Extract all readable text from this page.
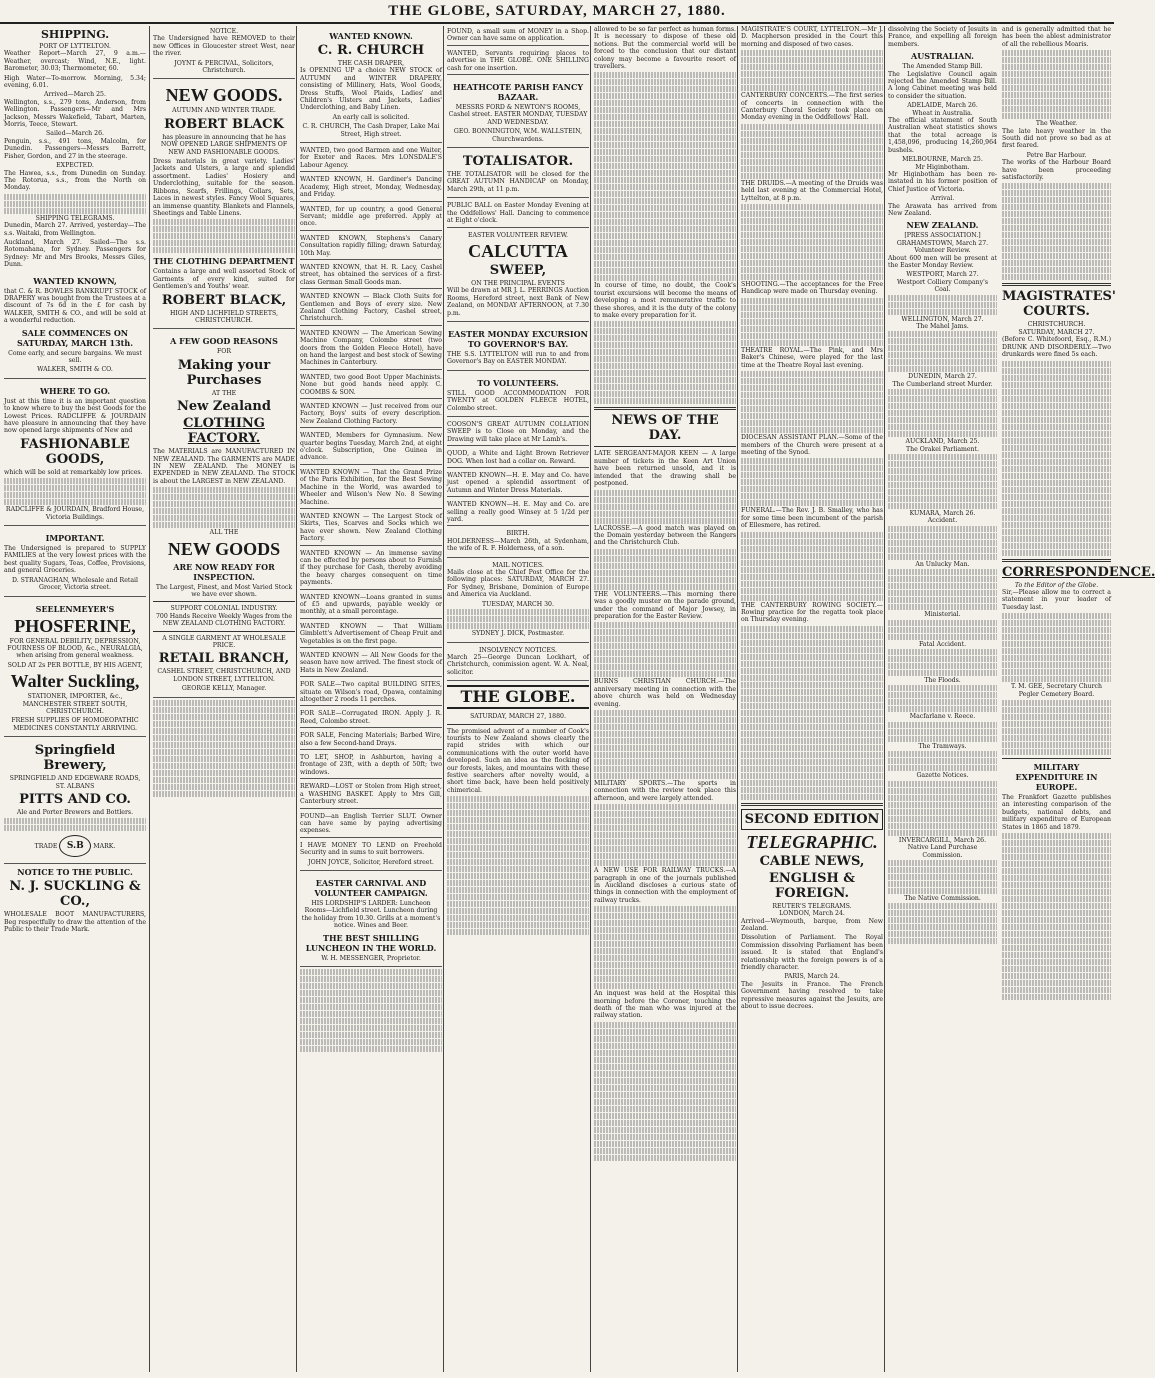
THE GLOBE, SATURDAY, MARCH 27, 1880.
SHIPPING.
PORT OF LYTTELTON.

Weather Report—March 27, 9 a.m.—Weather, overcast; Wind, N.E., light. Barometer, 30.03; Thermometer, 60.

High Water—To-morrow. Morning, 5.34; evening, 6.01.

Arrived—March 25.

Wellington, s.s., 279 tons, Anderson, from Wellington. Passengers—Mr and Mrs Jackson, Messrs Wakefield, Tabart, Marten, Morris, Teece, Stewart.

Sailed—March 26.

Penguin, s.s., 491 tons, Malcolm, for Dunedin. Passengers—Messrs Barrett, Fisher, Gordon, and 27 in the steerage.

EXPECTED.

The Hawea, s.s., from Dunedin on Sunday. The Rotorua, s.s., from the North on Monday.

SHIPPING TELEGRAMS.

Dunedin, March 27. Arrived, yesterday—The s.s. Waitaki, from Wellington.

Auckland, March 27. Sailed—The s.s. Rotomahana, for Sydney. Passengers for Sydney: Mr and Mrs Brooks, Messrs Giles, Dunn.

WANTED KNOWN,

that C. & R. BOWLES BANKRUPT STOCK of DRAPERY was bought from the Trustees at a discount of 7s 6d in the £ for cash by WALKER, SMITH & CO., and will be sold at a wonderful reduction.

SALE COMMENCES ON SATURDAY, MARCH 13th.

Come early, and secure bargains. We must sell.

WALKER, SMITH & CO.

WHERE TO GO.

Just at this time it is an important question to know where to buy the best Goods for the Lowest Prices. RADCLIFFE & JOURDAIN have pleasure in announcing that they have now opened large shipments of New and

FASHIONABLE GOODS,

which will be sold at remarkably low prices.

RADCLIFFE & JOURDAIN, Bradford House, Victoria Buildings.

IMPORTANT.

The Undersigned is prepared to SUPPLY FAMILIES at the very lowest prices with the best quality Sugars, Teas, Coffee, Provisions, and general Groceries.

D. STRANAGHAN, Wholesale and Retail Grocer, Victoria street.

SEELENMEYER'S
PHOSFERINE,

FOR GENERAL DEBILITY, DEPRESSION, FOURNESS OF BLOOD, &c., NEURALGIA, when arising from general weakness.

SOLD AT 2s PER BOTTLE, BY HIS AGENT,

Walter Suckling,

STATIONER, IMPORTER, &c., MANCHESTER STREET SOUTH, CHRISTCHURCH.

FRESH SUPPLIES OF HOMOEOPATHIC MEDICINES CONSTANTLY ARRIVING.

Springfield Brewery,

SPRINGFIELD AND EDGEWARE ROADS, ST. ALBANS

PITTS AND CO.

Ale and Porter Brewers and Bottlers.

TRADE S.B MARK.
NOTICE TO THE PUBLIC.
N. J. SUCKLING & CO.,

WHOLESALE BOOT MANUFACTURERS, Beg respectfully to draw the attention of the Public to their Trade Mark.

NOTICE.

The Undersigned have REMOVED to their new Offices in Gloucester street West, near the river.

JOYNT & PERCIVAL, Solicitors, Christchurch.

NEW GOODS.
AUTUMN AND WINTER TRADE.
ROBERT BLACK

has pleasure in announcing that he has NOW OPENED LARGE SHIPMENTS OF NEW AND FASHIONABLE GOODS.

Dress materials in great variety. Ladies' Jackets and Ulsters, a large and splendid assortment. Ladies' Hosiery and Underclothing, suitable for the season. Ribbons, Scarfs, Frillings, Collars, Sets, Laces in newest styles. Fancy Wool Squares, an immense quantity. Blankets and Flannels, Sheetings and Table Linens.

THE CLOTHING DEPARTMENT

Contains a large and well assorted Stock of Garments of every kind, suited for Gentlemen's and Youths' wear.

ROBERT BLACK,

HIGH AND LICHFIELD STREETS, CHRISTCHURCH.

A FEW GOOD REASONS
FOR
Making your Purchases
AT THE
New Zealand
CLOTHING FACTORY.

The MATERIALS are MANUFACTURED IN NEW ZEALAND. The GARMENTS are MADE IN NEW ZEALAND. The MONEY is EXPENDED in NEW ZEALAND. The STOCK is about the LARGEST in NEW ZEALAND.

ALL THE
NEW GOODS
ARE NOW READY FOR INSPECTION.

The Largest, Finest, and Most Varied Stock we have ever shown.

SUPPORT COLONIAL INDUSTRY.

700 Hands Receive Weekly Wages from the NEW ZEALAND CLOTHING FACTORY.

A SINGLE GARMENT AT WHOLESALE PRICE.

RETAIL BRANCH,

CASHEL STREET, CHRISTCHURCH, AND LONDON STREET, LYTTELTON.

GEORGE KELLY, Manager.

WANTED KNOWN.
C. R. CHURCH
THE CASH DRAPER,

Is OPENING UP a choice NEW STOCK of AUTUMN and WINTER DRAPERY, consisting of Millinery, Hats, Wool Goods, Dress Stuffs, Wool Plaids, Ladies' and Children's Ulsters and Jackets, Ladies' Underclothing, and Baby Linen.

An early call is solicited.

C. R. CHURCH, The Cash Draper, Lake Mai Street, High street.

WANTED, two good Barmen and one Waiter, for Exeter and Races. Mrs LONSDALE'S Labour Agency.

WANTED KNOWN, H. Gardiner's Dancing Academy, High street, Monday, Wednesday, and Friday.

WANTED, for up country, a good General Servant; middle age preferred. Apply at once.

WANTED KNOWN, Stephens's Canary Consultation rapidly filling; drawn Saturday, 10th May.

WANTED KNOWN, that H. R. Lacy, Cashel street, has obtained the services of a first-class German Small Goods man.

WANTED KNOWN — Black Cloth Suits for Gentlemen and Boys of every size. New Zealand Clothing Factory, Cashel street, Christchurch.

WANTED KNOWN — The American Sewing Machine Company, Colombo street (two doors from the Golden Fleece Hotel), have on hand the largest and best stock of Sewing Machines in Canterbury.

WANTED, two good Boot Upper Machinists. None but good hands need apply. C. COOMBS & SON.

WANTED KNOWN — Just received from our Factory, Boys' suits of every description. New Zealand Clothing Factory.

WANTED, Members for Gymnasium. New quarter begins Tuesday, March 2nd, at eight o'clock. Subscription, One Guinea in advance.

WANTED KNOWN — That the Grand Prize of the Paris Exhibition, for the Best Sewing Machine in the World, was awarded to Wheeler and Wilson's New No. 8 Sewing Machine.

WANTED KNOWN — The Largest Stock of Skirts, Ties, Scarves and Socks which we have ever shown. New Zealand Clothing Factory.

WANTED KNOWN — An immense saving can be effected by persons about to Furnish if they purchase for Cash, thereby avoiding the heavy charges consequent on time payments.

WANTED KNOWN—Loans granted in sums of £5 and upwards, payable weekly or monthly, at a small percentage.

WANTED KNOWN — That William Gimblett's Advertisement of Cheap Fruit and Vegetables is on the first page.

WANTED KNOWN — All New Goods for the season have now arrived. The finest stock of Hats in New Zealand.

FOR SALE—Two capital BUILDING SITES, situate on Wilson's road, Opawa, containing altogether 2 roods 11 perches.

FOR SALE—Corrugated IRON. Apply J. R. Reed, Colombo street.

FOR SALE, Fencing Materials; Barbed Wire, also a few Second-hand Drays.

TO LET, SHOP, in Ashburton, having a frontage of 23ft, with a depth of 50ft; two windows.

REWARD—LOST or Stolen from High street, a WASHING BASKET. Apply to Mrs Gill, Canterbury street.

FOUND—an English Terrier SLUT. Owner can have same by paying advertising expenses.

I HAVE MONEY TO LEND on Freehold Security and in sums to suit borrowers.

JOHN JOYCE, Solicitor, Hereford street.

EASTER CARNIVAL AND VOLUNTEER CAMPAIGN.

HIS LORDSHIP'S LARDER: Luncheon Rooms—Lichfield street. Luncheon during the holiday from 10.30. Grills at a moment's notice. Wines and Beer.

THE BEST SHILLING LUNCHEON IN THE WORLD.

W. H. MESSENGER, Proprietor.

FOUND, a small sum of MONEY in a Shop. Owner can have same on application.

WANTED, Servants requiring places to advertise in THE GLOBE. ONE SHILLING cash for one insertion.

HEATHCOTE PARISH FANCY BAZAAR.

MESSRS FORD & NEWTON'S ROOMS, Cashel street. EASTER MONDAY, TUESDAY AND WEDNESDAY.

GEO. BONNINGTON, W.M. WALLSTEIN, Churchwardens.

TOTALISATOR.

THE TOTALISATOR will be closed for the GREAT AUTUMN HANDICAP on Monday, March 29th, at 11 p.m.

PUBLIC BALL on Easter Monday Evening at the Oddfellows' Hall. Dancing to commence at Eight o'clock.

EASTER VOLUNTEER REVIEW.
CALCUTTA
SWEEP,
ON THE PRINCIPAL EVENTS

Will be drawn at MR J. L. PERRINGS Auction Rooms, Hereford street, next Bank of New Zealand, on MONDAY AFTERNOON, at 7.30 p.m.

EASTER MONDAY EXCURSION TO GOVERNOR'S BAY.

THE S.S. LYTTELTON will run to and from Governor's Bay on EASTER MONDAY.

TO VOLUNTEERS.

STILL GOOD ACCOMMODATION FOR TWENTY at GOLDEN FLEECE HOTEL, Colombo street.

COOSON'S GREAT AUTUMN COLLATION SWEEP is to Close on Monday, and the Drawing will take place at Mr Lamb's.

QUOD, a White and Light Brown Retriever DOG. When lost had a collar on. Reward.

WANTED KNOWN—H. E. May and Co. have just opened a splendid assortment of Autumn and Winter Dress Materials.

WANTED KNOWN—H. E. May and Co. are selling a really good Winsey at 5 1/2d per yard.

BIRTH.

HOLDERNESS—March 26th, at Sydenham, the wife of R. F. Holderness, of a son.

MAIL NOTICES.

Mails close at the Chief Post Office for the following places: SATURDAY, MARCH 27. For Sydney, Brisbane, Dominion of Europe and America via Auckland.

TUESDAY, MARCH 30.

SYDNEY J. DICK, Postmaster.

INSOLVENCY NOTICES.

March 25—George Duncan Lockhart, of Christchurch, commission agent. W. A. Neal, solicitor.

THE GLOBE.
SATURDAY, MARCH 27, 1880.

The promised advent of a number of Cook's tourists to New Zealand shows clearly the rapid strides with which our communications with the outer world have developed. Such an idea as the flocking of our forests, lakes, and mountains with these festive searchers after novelty would, a short time back, have been held positively chimerical.

allowed to be so far perfect as human forms. It is necessary to dispose of these old notions. But the commercial world will be forced to the conclusion that our distant colony may become a favourite resort of travellers.

In course of time, no doubt, the Cook's tourist excursions will become the means of developing a most remunerative traffic to these shores, and it is the duty of the colony to make every preparation for it.

NEWS OF THE DAY.

LATE SERGEANT-MAJOR KEEN — A large number of tickets in the Keen Art Union have been returned unsold, and it is intended that the drawing shall be postponed.

LACROSSE.—A good match was played on the Domain yesterday between the Rangers and the Christchurch Club.

THE VOLUNTEERS.—This morning there was a goodly muster on the parade ground, under the command of Major Jowsey, in preparation for the Easter Review.

BURNS CHRISTIAN CHURCH.—The anniversary meeting in connection with the above church was held on Wednesday evening.

MILITARY SPORTS.—The sports in connection with the review took place this afternoon, and were largely attended.

A NEW USE FOR RAILWAY TRUCKS.—A paragraph in one of the journals published in Auckland discloses a curious state of things in connection with the employment of railway trucks.

An inquest was held at the Hospital this morning before the Coroner, touching the death of the man who was injured at the railway station.

MAGISTRATE'S COURT, LYTTELTON.—Mr J. D. Macpherson presided in the Court this morning and disposed of two cases.

CANTERBURY CONCERTS.—The first series of concerts in connection with the Canterbury Choral Society took place on Monday evening in the Oddfellows' Hall.

THE DRUIDS.—A meeting of the Druids was held last evening at the Commercial Hotel, Lyttelton, at 8 p.m.

SHOOTING.—The acceptances for the Free Handicap were made on Thursday evening.

THEATRE ROYAL.—The Pink, and Mrs Baker's Chinese, were played for the last time at the Theatre Royal last evening.

DIOCESAN ASSISTANT PLAN.—Some of the members of the Church were present at a meeting of the Synod.

FUNERAL.—The Rev. J. B. Smalley, who has for some time been incumbent of the parish of Ellesmere, has retired.

THE CANTERBURY ROWING SOCIETY.—Rowing practice for the regatta took place on Thursday evening.

SECOND EDITION
TELEGRAPHIC.
CABLE NEWS,
ENGLISH & FOREIGN.
REUTER'S TELEGRAMS.
LONDON, March 24.

Arrived—Weymouth, barque, from New Zealand.

Dissolution of Parliament. The Royal Commission dissolving Parliament has been issued. It is stated that England's relationship with the foreign powers is of a friendly character.

PARIS, March 24.

The Jesuits in France. The French Government having resolved to take repressive measures against the Jesuits, are about to issue decrees.

dissolving the Society of Jesuits in France, and expelling all foreign members.

AUSTRALIAN.
The Amended Stamp Bill.

The Legislative Council again rejected the Amended Stamp Bill. A long Cabinet meeting was held to consider the situation.

ADELAIDE, March 26.
Wheat in Australia.

The official statement of South Australian wheat statistics shows that the total acreage is 1,458,096, producing 14,260,964 bushels.

MELBOURNE, March 25.
Mr Higinbotham.

Mr Higinbotham has been re-instated in his former position of Chief Justice of Victoria.

Arrival.

The Arawata has arrived from New Zealand.

NEW ZEALAND.
[PRESS ASSOCIATION.]
GRAHAMSTOWN, March 27.
Volunteer Review.

About 600 men will be present at the Easter Monday Review.

WESTPORT, March 27.
Westport Colliery Company's Coal.
WELLINGTON, March 27.
The Mahel Jams.
DUNEDIN, March 27.
The Cumberland street Murder.
AUCKLAND, March 25.
The Orakei Parliament.
KUMARA, March 26.
Accident.
An Unlucky Man.
Ministerial.
Fatal Accident.
The Floods.
Macfarlane v. Reece.
The Tramways.
Gazette Notices.
INVERCARGILL, March 26.
Native Land Purchase Commission.
The Native Commission.

and is generally admitted that he has been the ablest administrator of all the rebellious Moaris.

The Weather.

The late heavy weather in the South did not prove so bad as at first feared.

Petre Bar Harbour.

The works of the Harbour Board have been proceeding satisfactorily.

MAGISTRATES' COURTS.
CHRISTCHURCH.
SATURDAY, MARCH 27.

(Before C. Whitefoord, Esq., R.M.) DRUNK AND DISORDERLY.—Two drunkards were fined 5s each.

CORRESPONDENCE.
To the Editor of the Globe.

Sir,—Please allow me to correct a statement in your leader of Tuesday last.

T. M. GEE, Secretary Church Pegler Cemetery Board.

MILITARY EXPENDITURE IN EUROPE.

The Frankfort Gazette publishes an interesting comparison of the budgets, national debts, and military expenditure of European States in 1865 and 1879.
